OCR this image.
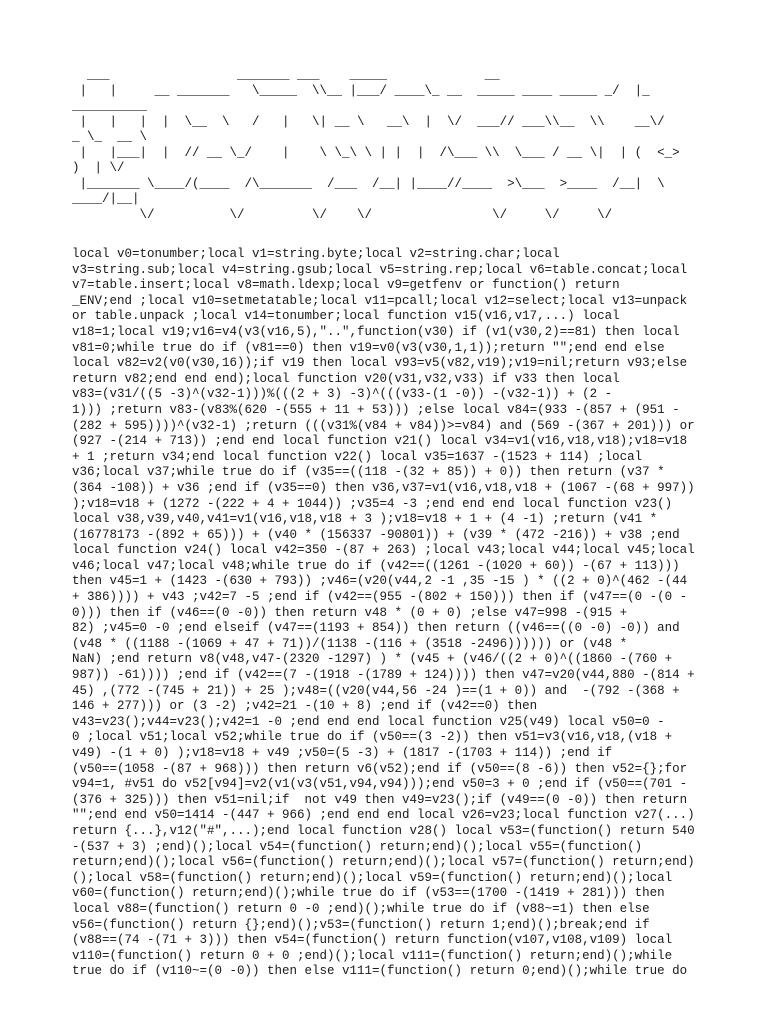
___                 _______ ___    _____             __
|   |     __ _______   \_____  \\__ |___/ ____\_ __  _____ ____ _____ _/  |_
__________
|   |   |  |  \__  \   /   |   \| __ \   __\  |  \/  ___// ___\\__  \\    __\/
_ \_  __ \
|   |___|  |  // __ \_/    |    \ \_\ \ | |  |  /\___ \\  \___ / __ \|  | (  <_>
)  | \/
|_______ \____/(____  /\_______  /___  /__| |____//____  >\___  >____  /__|  \
____/|__|
\/          \/         \/    \/                \/     \/     \/
local v0=tonumber;local v1=string.byte;local v2=string.char;local
v3=string.sub;local v4=string.gsub;local v5=string.rep;local v6=table.concat;local
v7=table.insert;local v8=math.ldexp;local v9=getfenv or function() return
_ENV;end ;local v10=setmetatable;local v11=pcall;local v12=select;local v13=unpack
or table.unpack ;local v14=tonumber;local function v15(v16,v17,...) local
v18=1;local v19;v16=v4(v3(v16,5),"..",function(v30) if (v1(v30,2)==81) then local
v81=0;while true do if (v81==0) then v19=v0(v3(v30,1,1));return "";end end else
local v82=v2(v0(v30,16));if v19 then local v93=v5(v82,v19);v19=nil;return v93;else
return v82;end end end);local function v20(v31,v32,v33) if v33 then local
v83=(v31/((5 -3)^(v32-1)))%(((2 + 3) -3)^(((v33-(1 -0)) -(v32-1)) + (2 -
1))) ;return v83-(v83%(620 -(555 + 11 + 53))) ;else local v84=(933 -(857 + (951 -
(282 + 595))))^(v32-1) ;return (((v31%(v84 + v84))>=v84) and (569 -(367 + 201))) or
(927 -(214 + 713)) ;end end local function v21() local v34=v1(v16,v18,v18);v18=v18
+ 1 ;return v34;end local function v22() local v35=1637 -(1523 + 114) ;local
v36;local v37;while true do if (v35==((118 -(32 + 85)) + 0)) then return (v37 *
(364 -108)) + v36 ;end if (v35==0) then v36,v37=v1(v16,v18,v18 + (1067 -(68 + 997))
);v18=v18 + (1272 -(222 + 4 + 1044)) ;v35=4 -3 ;end end end local function v23()
local v38,v39,v40,v41=v1(v16,v18,v18 + 3 );v18=v18 + 1 + (4 -1) ;return (v41 *
(16778173 -(892 + 65))) + (v40 * (156337 -90801)) + (v39 * (472 -216)) + v38 ;end
local function v24() local v42=350 -(87 + 263) ;local v43;local v44;local v45;local
v46;local v47;local v48;while true do if (v42==((1261 -(1020 + 60)) -(67 + 113)))
then v45=1 + (1423 -(630 + 793)) ;v46=(v20(v44,2 -1 ,35 -15 ) * ((2 + 0)^(462 -(44
+ 386)))) + v43 ;v42=7 -5 ;end if (v42==(955 -(802 + 150))) then if (v47==(0 -(0 -
0))) then if (v46==(0 -0)) then return v48 * (0 + 0) ;else v47=998 -(915 +
82) ;v45=0 -0 ;end elseif (v47==(1193 + 854)) then return ((v46==((0 -0) -0)) and
(v48 * ((1188 -(1069 + 47 + 71))/(1138 -(116 + (3518 -2496)))))) or (v48 *
NaN) ;end return v8(v48,v47-(2320 -1297) ) * (v45 + (v46/((2 + 0)^((1860 -(760 +
987)) -61)))) ;end if (v42==(7 -(1918 -(1789 + 124)))) then v47=v20(v44,880 -(814 +
45) ,(772 -(745 + 21)) + 25 );v48=((v20(v44,56 -24 )==(1 + 0)) and  -(792 -(368 +
146 + 277))) or (3 -2) ;v42=21 -(10 + 8) ;end if (v42==0) then
v43=v23();v44=v23();v42=1 -0 ;end end end local function v25(v49) local v50=0 -
0 ;local v51;local v52;while true do if (v50==(3 -2)) then v51=v3(v16,v18,(v18 +
v49) -(1 + 0) );v18=v18 + v49 ;v50=(5 -3) + (1817 -(1703 + 114)) ;end if
(v50==(1058 -(87 + 968))) then return v6(v52);end if (v50==(8 -6)) then v52={};for
v94=1, #v51 do v52[v94]=v2(v1(v3(v51,v94,v94)));end v50=3 + 0 ;end if (v50==(701 -
(376 + 325))) then v51=nil;if  not v49 then v49=v23();if (v49==(0 -0)) then return
"";end end v50=1414 -(447 + 966) ;end end end local v26=v23;local function v27(...)
return {...},v12("#",...);end local function v28() local v53=(function() return 540
-(537 + 3) ;end)();local v54=(function() return;end)();local v55=(function()
return;end)();local v56=(function() return;end)();local v57=(function() return;end)
();local v58=(function() return;end)();local v59=(function() return;end)();local
v60=(function() return;end)();while true do if (v53==(1700 -(1419 + 281))) then
local v88=(function() return 0 -0 ;end)();while true do if (v88~=1) then else
v56=(function() return {};end)();v53=(function() return 1;end)();break;end if
(v88==(74 -(71 + 3))) then v54=(function() return function(v107,v108,v109) local
v110=(function() return 0 + 0 ;end)();local v111=(function() return;end)();while
true do if (v110~=(0 -0)) then else v111=(function() return 0;end)();while true do
